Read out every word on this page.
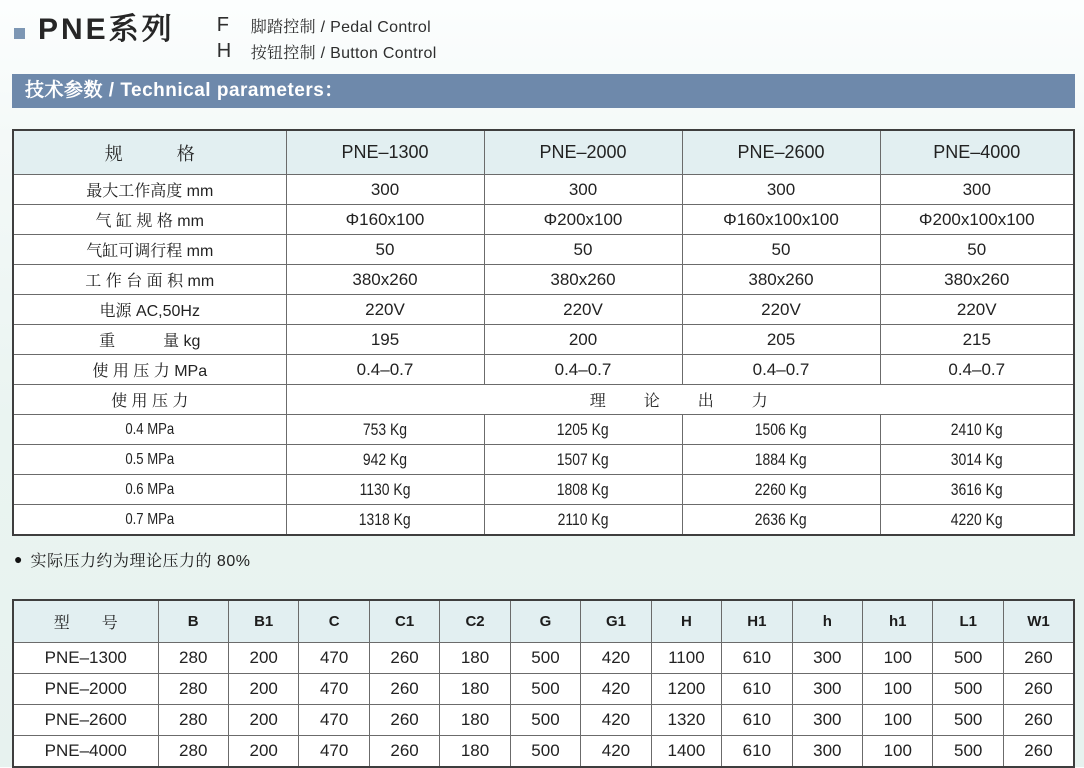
PNE系列 F	脚踏控制 / Pedal Control
H	按钮控制 / Button Control
技术参数 / Technical parameters：
规　　　格	PNE–1300	PNE–2000	PNE–2600	PNE–4000
最大工作高度 mm	300	300	300	300
气 缸 规 格 mm	Φ160x100	Φ200x100	Φ160x100x100	Φ200x100x100
气缸可调行程 mm	50	50	50	50
工 作 台 面 积 mm	380x260	380x260	380x260	380x260
电源 AC,50Hz	220V	220V	220V	220V
重　　　量 kg	195	200	205	215
使 用 压 力 MPa	0.4–0.7	0.4–0.7	0.4–0.7	0.4–0.7
使 用 压 力	理　　论　　出　　力			
0.4 MPa	753 Kg	1205 Kg	1506 Kg	2410 Kg
0.5 MPa	942 Kg	1507 Kg	1884 Kg	3014 Kg
0.6 MPa	1130 Kg	1808 Kg	2260 Kg	3616 Kg
0.7 MPa	1318 Kg	2110 Kg	2636 Kg	4220 Kg
● 实际压力约为理论压力的 80%
型　　号	B	B1	C	C1	C2	G	G1	H	H1	h	h1	L1	W1
PNE–1300	280	200	470	260	180	500	420	1100	610	300	100	500	260
PNE–2000	280	200	470	260	180	500	420	1200	610	300	100	500	260
PNE–2600	280	200	470	260	180	500	420	1320	610	300	100	500	260
PNE–4000	280	200	470	260	180	500	420	1400	610	300	100	500	260
